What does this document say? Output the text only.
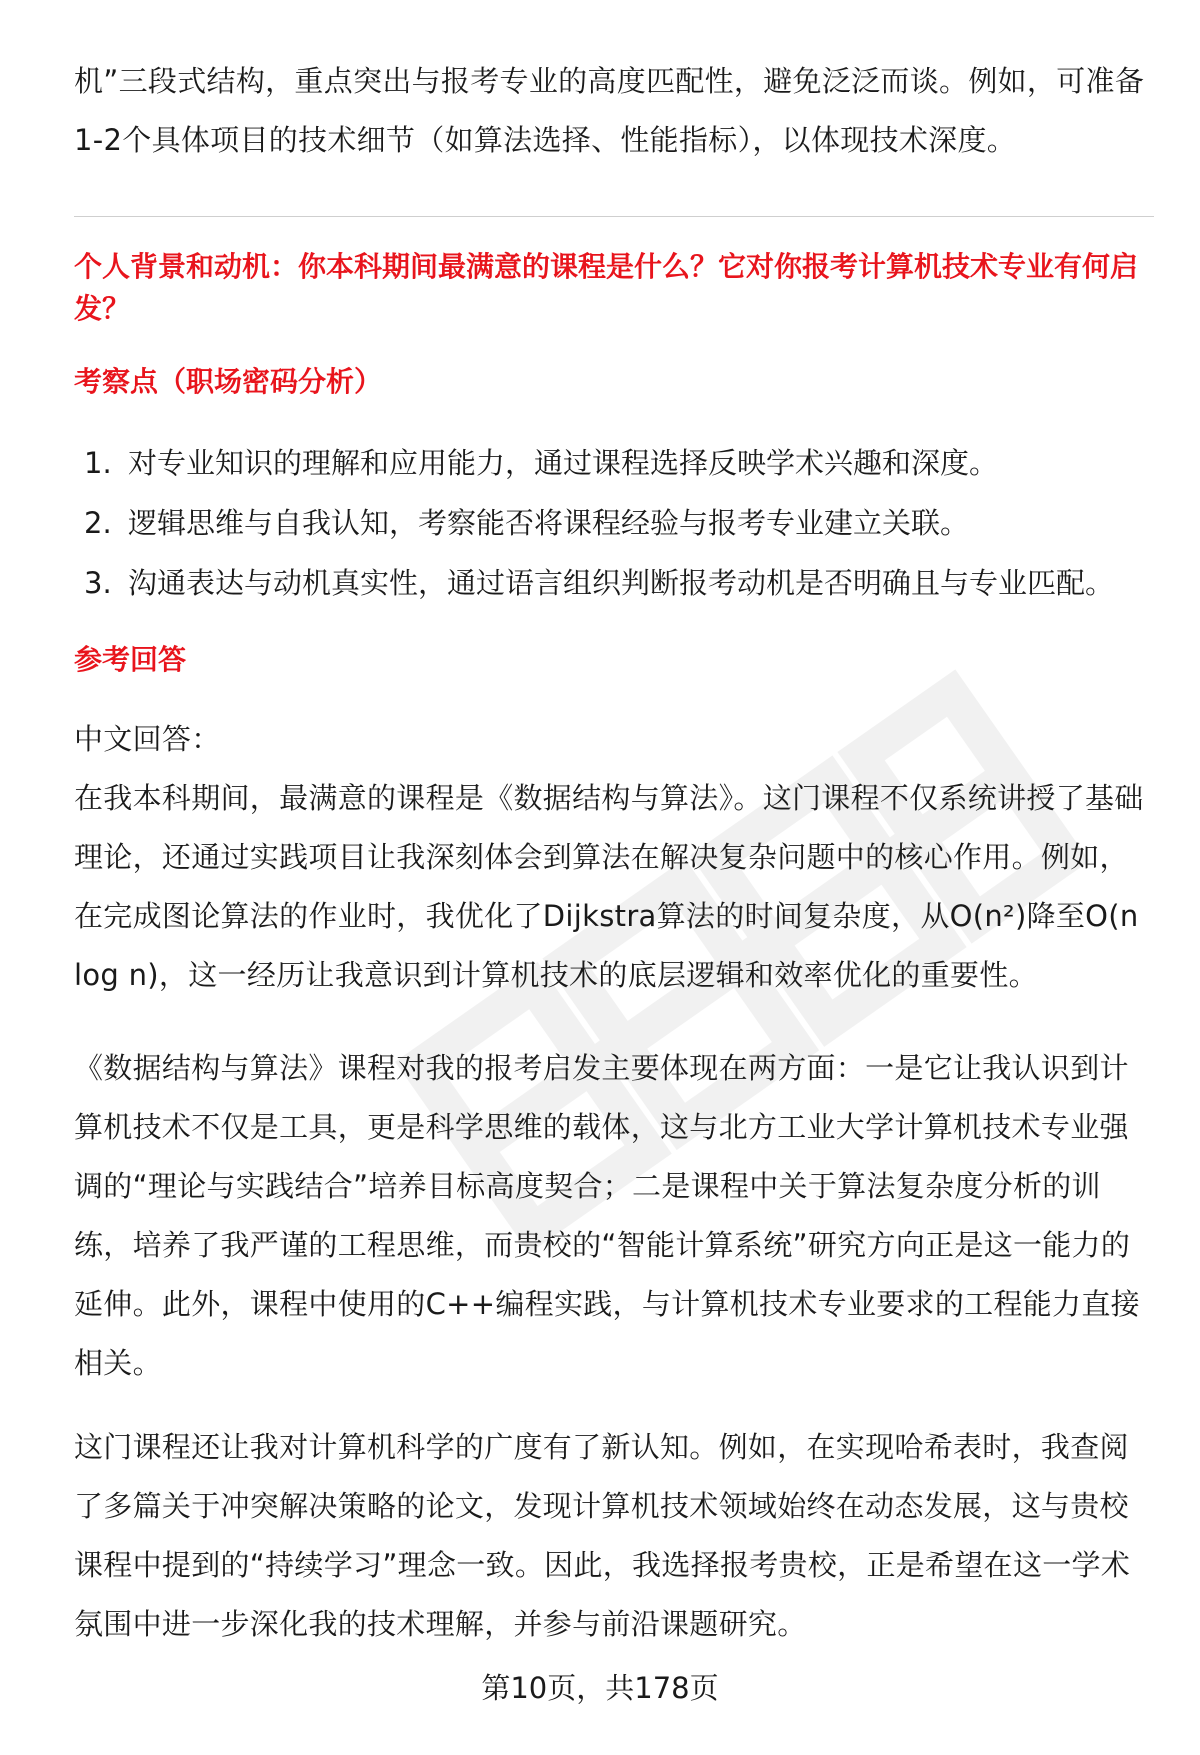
机”三段式结构，重点突出与报考专业的高度匹配性，避免泛泛而谈。例如，可准备1-2个具体项目的技术细节（如算法选择、性能指标），以体现技术深度。

个人背景和动机：你本科期间最满意的课程是什么？它对你报考计算机技术专业有何启发？
考察点（职场密码分析）
1. 对专业知识的理解和应用能力，通过课程选择反映学术兴趣和深度。
2. 逻辑思维与自我认知，考察能否将课程经验与报考专业建立关联。
3. 沟通表达与动机真实性，通过语言组织判断报考动机是否明确且与专业匹配。
参考回答

中文回答：

在我本科期间，最满意的课程是《数据结构与算法》。这门课程不仅系统讲授了基础理论，还通过实践项目让我深刻体会到算法在解决复杂问题中的核心作用。例如，在完成图论算法的作业时，我优化了Dijkstra算法的时间复杂度，从O(n²)降至O(n log n)，这一经历让我意识到计算机技术的底层逻辑和效率优化的重要性。

《数据结构与算法》课程对我的报考启发主要体现在两方面：一是它让我认识到计算机技术不仅是工具，更是科学思维的载体，这与北方工业大学计算机技术专业强调的“理论与实践结合”培养目标高度契合；二是课程中关于算法复杂度分析的训练，培养了我严谨的工程思维，而贵校的“智能计算系统”研究方向正是这一能力的延伸。此外，课程中使用的C++编程实践，与计算机技术专业要求的工程能力直接相关。

这门课程还让我对计算机科学的广度有了新认知。例如，在实现哈希表时，我查阅了多篇关于冲突解决策略的论文，发现计算机技术领域始终在动态发展，这与贵校课程中提到的“持续学习”理念一致。因此，我选择报考贵校，正是希望在这一学术氛围中进一步深化我的技术理解，并参与前沿课题研究。

第10页，共178页
